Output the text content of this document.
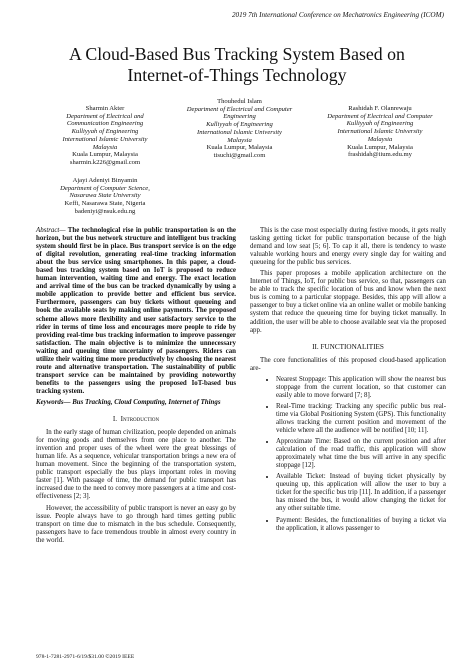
2019 7th International Conference on Mechatronics Engineering (ICOM)
A Cloud-Based Bus Tracking System Based on
Internet-of-Things Technology
Sharmin Akter
Department of Electrical and
Communication Engineering
Kulliyyah of Engineering
International Islamic University
Malaysia
Kuala Lumpur, Malaysia
sharmin.k226@gmail.com
Thouhedul Islam
Department of Electrical and Computer
Engineering
Kulliyyah of Engineering
International Islamic University
Malaysia
Kuala Lumpur, Malaysia
tisuchi@gmail.com
Rashidah F. Olanrewaju
Department of Electrical and Computer
Kulliyyah of Engineering
International Islamic University
Malaysia
Kuala Lumpur, Malaysia
frashidah@iium.edu.my
Ajayi Adeniyi Binyamin
Department of Computer Science,
Nasarawa State University
Keffi, Nasarawa State, Nigeria
badeniyi@nsuk.edu.ng

Abstract— The technological rise in public transportation is on the horizon, but the bus network structure and intelligent bus tracking system should first be in place. Bus transport service is on the edge of digital revolution, generating real-time tracking information about the bus service using smartphones. In this paper, a cloud-based bus tracking system based on IoT is proposed to reduce human intervention, waiting time and energy. The exact location and arrival time of the bus can be tracked dynamically by using a mobile application to provide better and efficient bus service. Furthermore, passengers can buy tickets without queueing and book the available seats by making online payments. The proposed scheme allows more flexibility and user satisfactory service to the rider in terms of time loss and encourages more people to ride by providing real-time bus tracking information to improve passenger satisfaction. The main objective is to minimize the unnecessary waiting and queuing time uncertainty of passengers. Riders can utilize their waiting time more productively by choosing the nearest route and alternative transportation. The sustainability of public transport service can be maintained by providing noteworthy benefits to the passengers using the proposed IoT-based bus tracking system.

Keywords— Bus Tracking, Cloud Computing, Internet of Things

I. Introduction

In the early stage of human civilization, people depended on animals for moving goods and themselves from one place to another. The invention and proper uses of the wheel were the great blessings of human life. As a sequence, vehicular transportation brings a new era of human movement. Since the beginning of the transportation system, public transport especially the bus plays important roles in moving faster [1]. With passage of time, the demand for public transport has increased due to the need to convey more passengers at a time and cost-effectiveness [2; 3].

However, the accessibility of public transport is never an easy go by issue. People always have to go through hard times getting public transport on time due to mismatch in the bus schedule. Consequently, passengers have to face tremendous trouble in almost every country in the world.

This is the case most especially during festive moods, it gets really tasking getting ticket for public transportation because of the high demand and low seat [5; 6]. To cap it all, there is tendency to waste valuable working hours and energy every single day for waiting and queueing for the public bus services.

This paper proposes a mobile application architecture on the Internet of Things, IoT, for public bus service, so that, passengers can be able to track the specific location of bus and know when the next bus is coming to a particular stoppage. Besides, this app will allow a passenger to buy a ticket online via an online wallet or mobile banking system that reduce the queueing time for buying ticket manually. In addition, the user will be able to choose available seat via the proposed app.

II. FUNCTIONALITIES

The core functionalities of this proposed cloud-based application are-

• Nearest Stoppage: This application will show the nearest bus stoppage from the current location, so that customer can easily able to move forward [7; 8].
• Real-Time tracking: Tracking any specific public bus real-time via Global Positioning System (GPS). This functionality allows tracking the current position and movement of the vehicle where all the audience will be notified [10; 11].
• Approximate Time: Based on the current position and after calculation of the road traffic, this application will show approximately what time the bus will arrive in any specific stoppage [12].
• Available Ticket: Instead of buying ticket physically by queuing up, this application will allow the user to buy a ticket for the specific bus trip [11]. In addition, if a passenger has missed the bus, it would allow changing the ticket for any other suitable time.
• Payment: Besides, the functionalities of buying a ticket via the application, it allows passenger to
978-1-7281-2971-6/19/$31.00 ©2019 IEEE
